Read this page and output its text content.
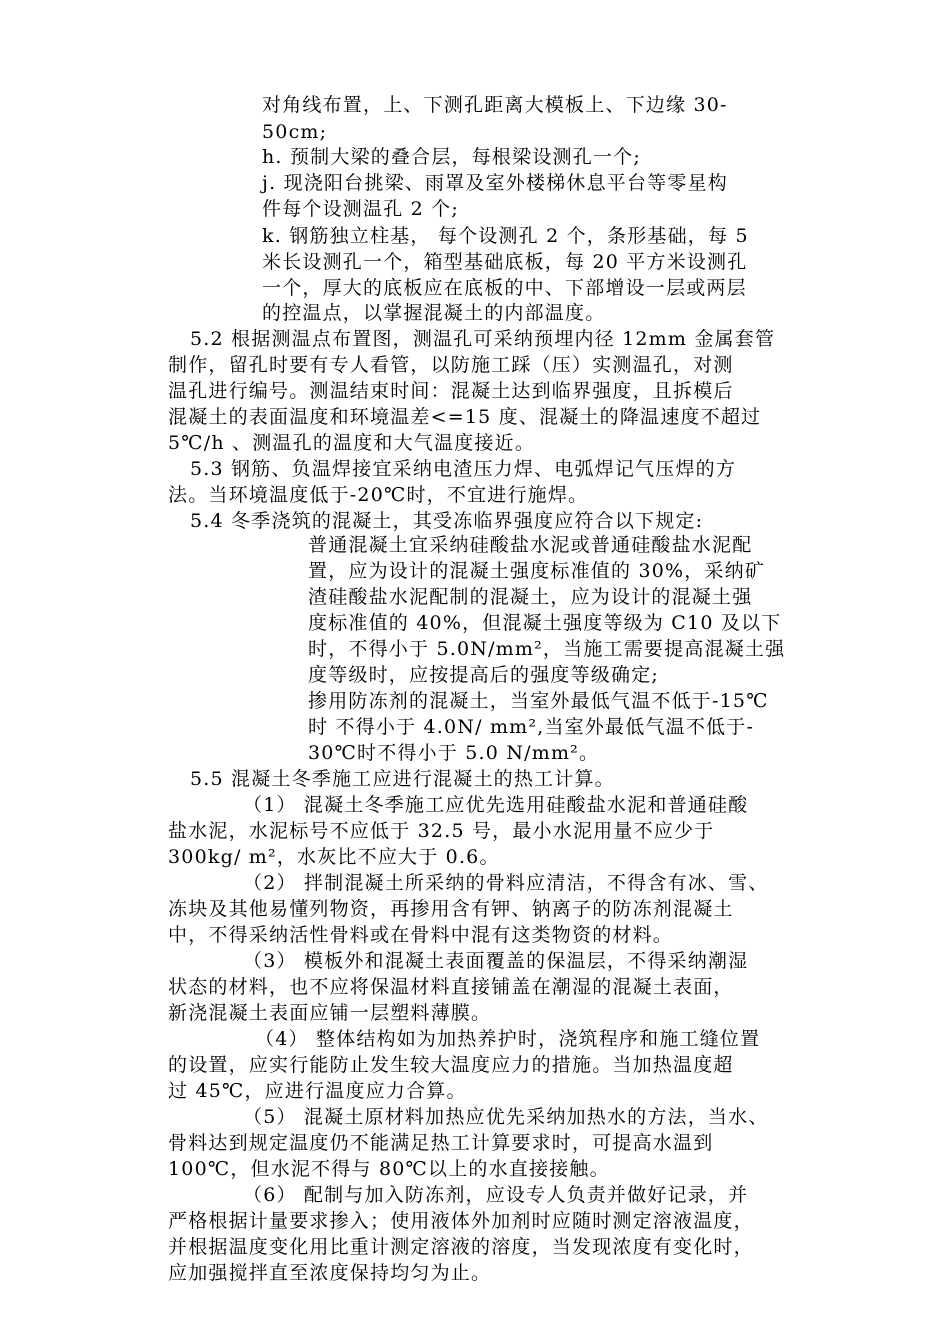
对角线布置，上、下测孔距离大模板上、下边缘 30-
50cm;
h. 预制大梁的叠合层，每根梁设测孔一个;
j. 现浇阳台挑梁、雨罩及室外楼梯休息平台等零星构
件每个设测温孔 2 个;
k. 钢筋独立柱基， 每个设测孔 2 个，条形基础，每 5
米长设测孔一个，箱型基础底板，每 20 平方米设测孔
一个，厚大的底板应在底板的中、下部增设一层或两层
的控温点，以掌握混凝土的内部温度。
5.2 根据测温点布置图，测温孔可采纳预埋内径 12mm 金属套管
制作，留孔时要有专人看管，以防施工踩（压）实测温孔，对测
温孔进行编号。测温结束时间：混凝土达到临界强度，且拆模后
混凝土的表面温度和环境温差<=15 度、混凝土的降温速度不超过
5℃/h 、测温孔的温度和大气温度接近。
5.3 钢筋、负温焊接宜采纳电渣压力焊、电弧焊记气压焊的方
法。当环境温度低于-20℃时，不宜进行施焊。
5.4 冬季浇筑的混凝土，其受冻临界强度应符合以下规定:
普通混凝土宜采纳硅酸盐水泥或普通硅酸盐水泥配
置，应为设计的混凝土强度标准值的 30%，采纳矿
渣硅酸盐水泥配制的混凝土，应为设计的混凝土强
度标准值的 40%，但混凝土强度等级为 C10 及以下
时，不得小于 5.0N/mm²，当施工需要提高混凝土强
度等级时，应按提高后的强度等级确定;
掺用防冻剂的混凝土，当室外最低气温不低于-15℃
时 不得小于 4.0N/ mm²,当室外最低气温不低于-
30℃时不得小于 5.0 N/mm²。
5.5 混凝土冬季施工应进行混凝土的热工计算。
（1） 混凝土冬季施工应优先选用硅酸盐水泥和普通硅酸
盐水泥，水泥标号不应低于 32.5 号，最小水泥用量不应少于
300kg/ m²，水灰比不应大于 0.6。
（2） 拌制混凝土所采纳的骨料应清洁，不得含有冰、雪、
冻块及其他易懂列物资，再掺用含有钾、钠离子的防冻剂混凝土
中，不得采纳活性骨料或在骨料中混有这类物资的材料。
（3） 模板外和混凝土表面覆盖的保温层，不得采纳潮湿
状态的材料，也不应将保温材料直接铺盖在潮湿的混凝土表面，
新浇混凝土表面应铺一层塑料薄膜。
（4） 整体结构如为加热养护时，浇筑程序和施工缝位置
的设置，应实行能防止发生较大温度应力的措施。当加热温度超
过 45℃，应进行温度应力合算。
（5） 混凝土原材料加热应优先采纳加热水的方法，当水、
骨料达到规定温度仍不能满足热工计算要求时，可提高水温到
100℃，但水泥不得与 80℃以上的水直接接触。
（6） 配制与加入防冻剂，应设专人负责并做好记录，并
严格根据计量要求掺入；使用液体外加剂时应随时测定溶液温度，
并根据温度变化用比重计测定溶液的溶度，当发现浓度有变化时，
应加强搅拌直至浓度保持均匀为止。
